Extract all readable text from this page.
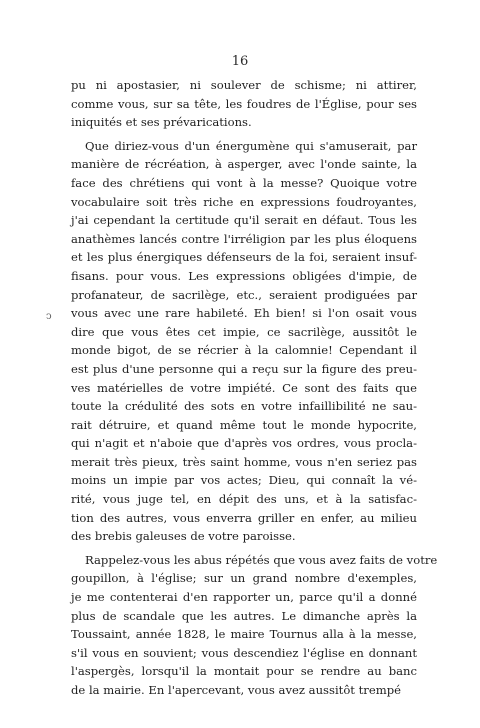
16
ↄ
pu ni apostasier, ni soulever de schisme; ni attirer,
comme vous, sur sa tête, les foudres de l'Église, pour ses
iniquités et ses prévarications.
Que diriez-vous d'un énergumène qui s'amuserait, par
manière de récréation, à asperger, avec l'onde sainte, la
face des chrétiens qui vont à la messe? Quoique votre
vocabulaire soit très riche en expressions foudroyantes,
j'ai cependant la certitude qu'il serait en défaut. Tous les
anathèmes lancés contre l'irréligion par les plus éloquens
et les plus énergiques défenseurs de la foi, seraient insuf-
fisans. pour vous. Les expressions obligées d'impie, de
profanateur, de sacrilège, etc., seraient prodiguées par
vous avec une rare habileté. Eh bien! si l'on osait vous
dire que vous êtes cet impie, ce sacrilège, aussitôt le
monde bigot, de se récrier à la calomnie! Cependant il
est plus d'une personne qui a reçu sur la figure des preu-
ves matérielles de votre impiété. Ce sont des faits que
toute la crédulité des sots en votre infaillibilité ne sau-
rait détruire, et quand même tout le monde hypocrite,
qui n'agit et n'aboie que d'après vos ordres, vous procla-
merait très pieux, très saint homme, vous n'en seriez pas
moins un impie par vos actes; Dieu, qui connaît la vé-
rité, vous juge tel, en dépit des uns, et à la satisfac-
tion des autres, vous enverra griller en enfer, au milieu
des brebis galeuses de votre paroisse.
Rappelez-vous les abus répétés que vous avez faits de votre
goupillon, à l'église; sur un grand nombre d'exemples,
je me contenterai d'en rapporter un, parce qu'il a donné
plus de scandale que les autres. Le dimanche après la
Toussaint, année 1828, le maire Tournus alla à la messe,
s'il vous en souvient; vous descendiez l'église en donnant
l'aspergès, lorsqu'il la montait pour se rendre au banc
de la mairie. En l'apercevant, vous avez aussitôt trempé
